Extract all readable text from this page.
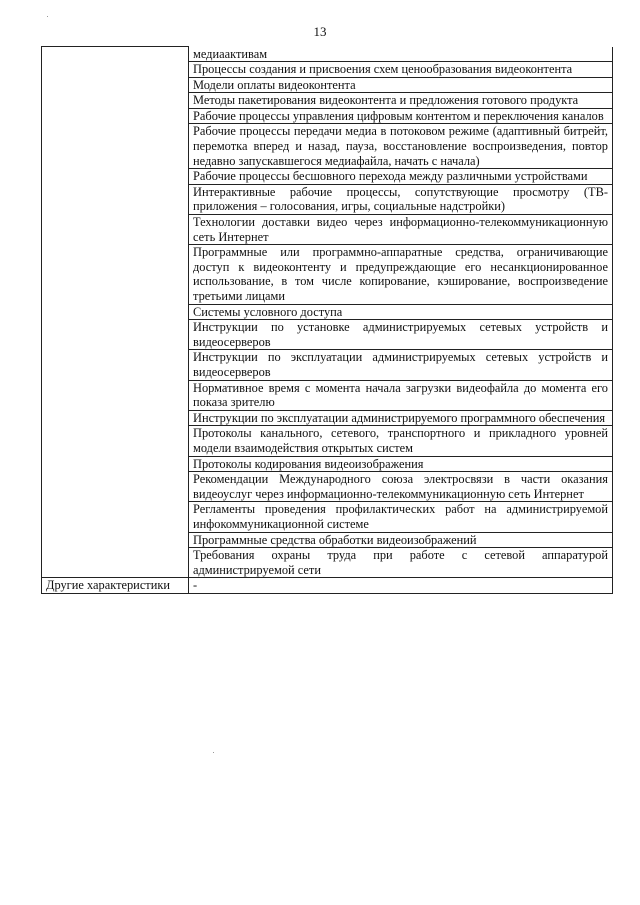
13
	медиаактивам
	Процессы создания и присвоения схем ценообразования видеоконтента
	Модели оплаты видеоконтента
	Методы пакетирования видеоконтента и предложения готового продукта
	Рабочие процессы управления цифровым контентом и переключения каналов
	Рабочие процессы передачи медиа в потоковом режиме (адаптивный битрейт, перемотка вперед и назад, пауза, восстановление воспроизведения, повтор недавно запускавшегося медиафайла, начать с начала)
	Рабочие процессы бесшовного перехода между различными устройствами
	Интерактивные рабочие процессы, сопутствующие просмотру (ТВ-приложения – голосования, игры, социальные надстройки)
	Технологии доставки видео через информационно-телекоммуникационную сеть Интернет
	Программные или программно-аппаратные средства, ограничивающие доступ к видеоконтенту и предупреждающие его несанкционированное использование, в том числе копирование, кэширование, воспроизведение третьими лицами
	Системы условного доступа
	Инструкции по установке администрируемых сетевых устройств и видеосерверов
	Инструкции по эксплуатации администрируемых сетевых устройств и видеосерверов
	Нормативное время с момента начала загрузки видеофайла до момента его показа зрителю
	Инструкции по эксплуатации администрируемого программного обеспечения
	Протоколы канального, сетевого, транспортного и прикладного уровней модели взаимодействия открытых систем
	Протоколы кодирования видеоизображения
	Рекомендации Международного союза электросвязи в части оказания видеоуслуг через информационно-телекоммуникационную сеть Интернет
	Регламенты проведения профилактических работ на администрируемой инфокоммуникационной системе
	Программные средства обработки видеоизображений
	Требования охраны труда при работе с сетевой аппаратурой администрируемой сети
Другие характеристики	-
